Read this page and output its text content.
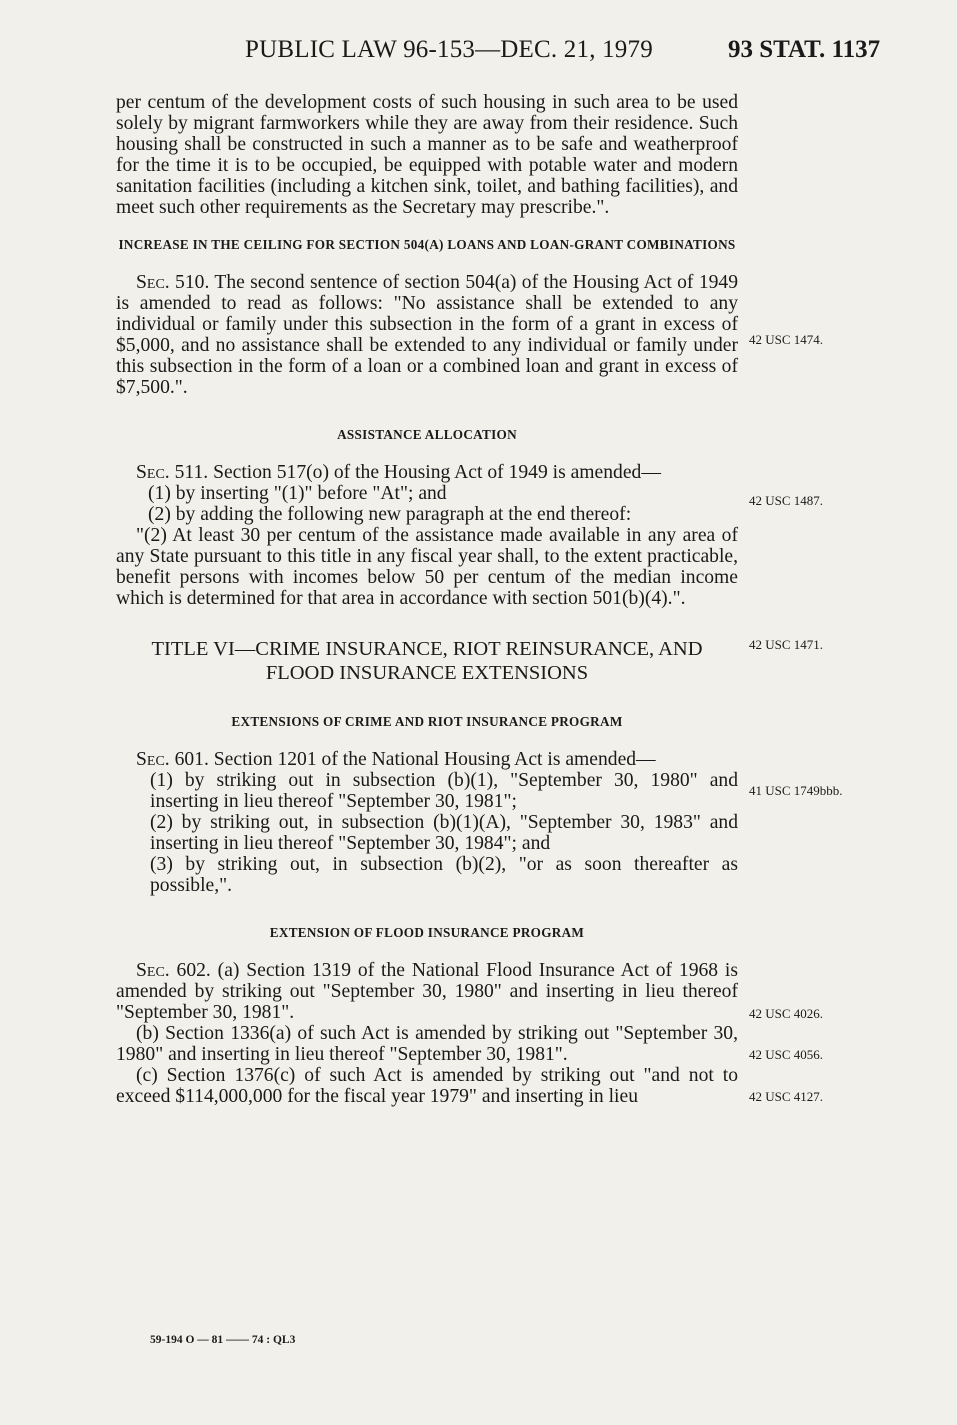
PUBLIC LAW 96-153—DEC. 21, 1979	93 STAT. 1137

per centum of the development costs of such housing in such area to be used solely by migrant farmworkers while they are away from their residence. Such housing shall be constructed in such a manner as to be safe and weatherproof for the time it is to be occupied, be equipped with potable water and modern sanitation facilities (including a kitchen sink, toilet, and bathing facilities), and meet such other requirements as the Secretary may prescribe.".

INCREASE IN THE CEILING FOR SECTION 504(A) LOANS AND LOAN-GRANT COMBINATIONS

Sec. 510. The second sentence of section 504(a) of the Housing Act of 1949 is amended to read as follows: "No assistance shall be extended to any individual or family under this subsection in the form of a grant in excess of $5,000, and no assistance shall be extended to any individual or family under this subsection in the form of a loan or a combined loan and grant in excess of $7,500.".

ASSISTANCE ALLOCATION

Sec. 511. Section 517(o) of the Housing Act of 1949 is amended—

(1) by inserting "(1)" before "At"; and

(2) by adding the following new paragraph at the end thereof:

"(2) At least 30 per centum of the assistance made available in any area of any State pursuant to this title in any fiscal year shall, to the extent practicable, benefit persons with incomes below 50 per centum of the median income which is determined for that area in accordance with section 501(b)(4).".

TITLE VI—CRIME INSURANCE, RIOT REINSURANCE, AND
FLOOD INSURANCE EXTENSIONS
EXTENSIONS OF CRIME AND RIOT INSURANCE PROGRAM

Sec. 601. Section 1201 of the National Housing Act is amended—

(1) by striking out in subsection (b)(1), "September 30, 1980" and inserting in lieu thereof "September 30, 1981";

(2) by striking out, in subsection (b)(1)(A), "September 30, 1983" and inserting in lieu thereof "September 30, 1984"; and

(3) by striking out, in subsection (b)(2), "or as soon thereafter as possible,".

EXTENSION OF FLOOD INSURANCE PROGRAM

Sec. 602. (a) Section 1319 of the National Flood Insurance Act of 1968 is amended by striking out "September 30, 1980" and inserting in lieu thereof "September 30, 1981".

(b) Section 1336(a) of such Act is amended by striking out "September 30, 1980" and inserting in lieu thereof "September 30, 1981".

(c) Section 1376(c) of such Act is amended by striking out "and not to exceed $114,000,000 for the fiscal year 1979" and inserting in lieu

42 USC 1474.
42 USC 1487.
42 USC 1471.
41 USC 1749bbb.
42 USC 4026.
42 USC 4056.
42 USC 4127.
59-194 O — 81 —— 74 : QL3
